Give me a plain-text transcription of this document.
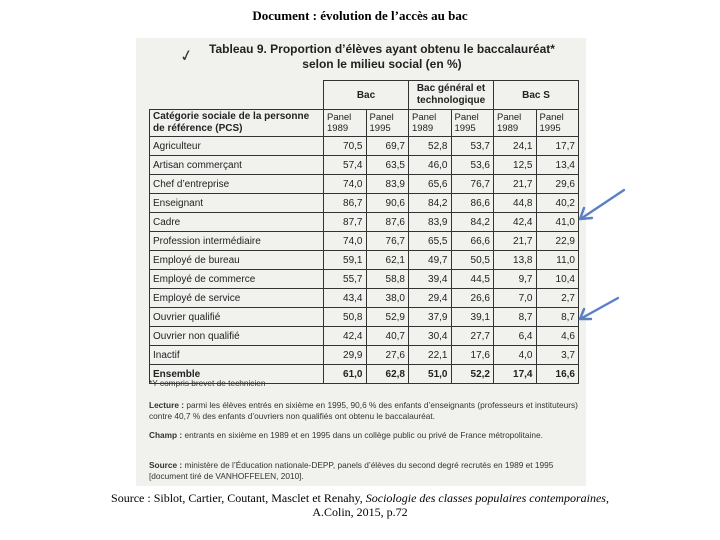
Document : évolution de l’accès au bac
✓	Tableau 9. Proportion d’élèves ayant obtenu le baccalauréat*
selon le milieu social (en %)
	Bac		Bac général et technologique		Bac S	
Catégorie sociale de la personne de référence (PCS)	Panel 1989	Panel 1995	Panel 1989	Panel 1995	Panel 1989	Panel 1995
Agriculteur	70,5	69,7	52,8	53,7	24,1	17,7
Artisan commerçant	57,4	63,5	46,0	53,6	12,5	13,4
Chef d’entreprise	74,0	83,9	65,6	76,7	21,7	29,6
Enseignant	86,7	90,6	84,2	86,6	44,8	40,2
Cadre	87,7	87,6	83,9	84,2	42,4	41,0
Profession intermédiaire	74,0	76,7	65,5	66,6	21,7	22,9
Employé de bureau	59,1	62,1	49,7	50,5	13,8	11,0
Employé de commerce	55,7	58,8	39,4	44,5	9,7	10,4
Employé de service	43,4	38,0	29,4	26,6	7,0	2,7
Ouvrier qualifié	50,8	52,9	37,9	39,1	8,7	8,7
Ouvrier non qualifié	42,4	40,7	30,4	27,7	6,4	4,6
Inactif	29,9	27,6	22,1	17,6	4,0	3,7
Ensemble	61,0	62,8	51,0	52,2	17,4	16,6
*Y compris brevet de technicien
Lecture : parmi les élèves entrés en sixième en 1995, 90,6 % des enfants d’enseignants (professeurs et instituteurs) contre 40,7 % des enfants d’ouvriers non qualifiés ont obtenu le baccalauréat.
Champ : entrants en sixième en 1989 et en 1995 dans un collège public ou privé de France métropolitaine.
Source : ministère de l’Éducation nationale-DEPP, panels d’élèves du second degré recrutés en 1989 et 1995 [document tiré de VANHOFFELEN, 2010].
Source : Siblot, Cartier, Coutant, Masclet et Renahy, Sociologie des classes populaires contemporaines,
A.Colin, 2015, p.72
